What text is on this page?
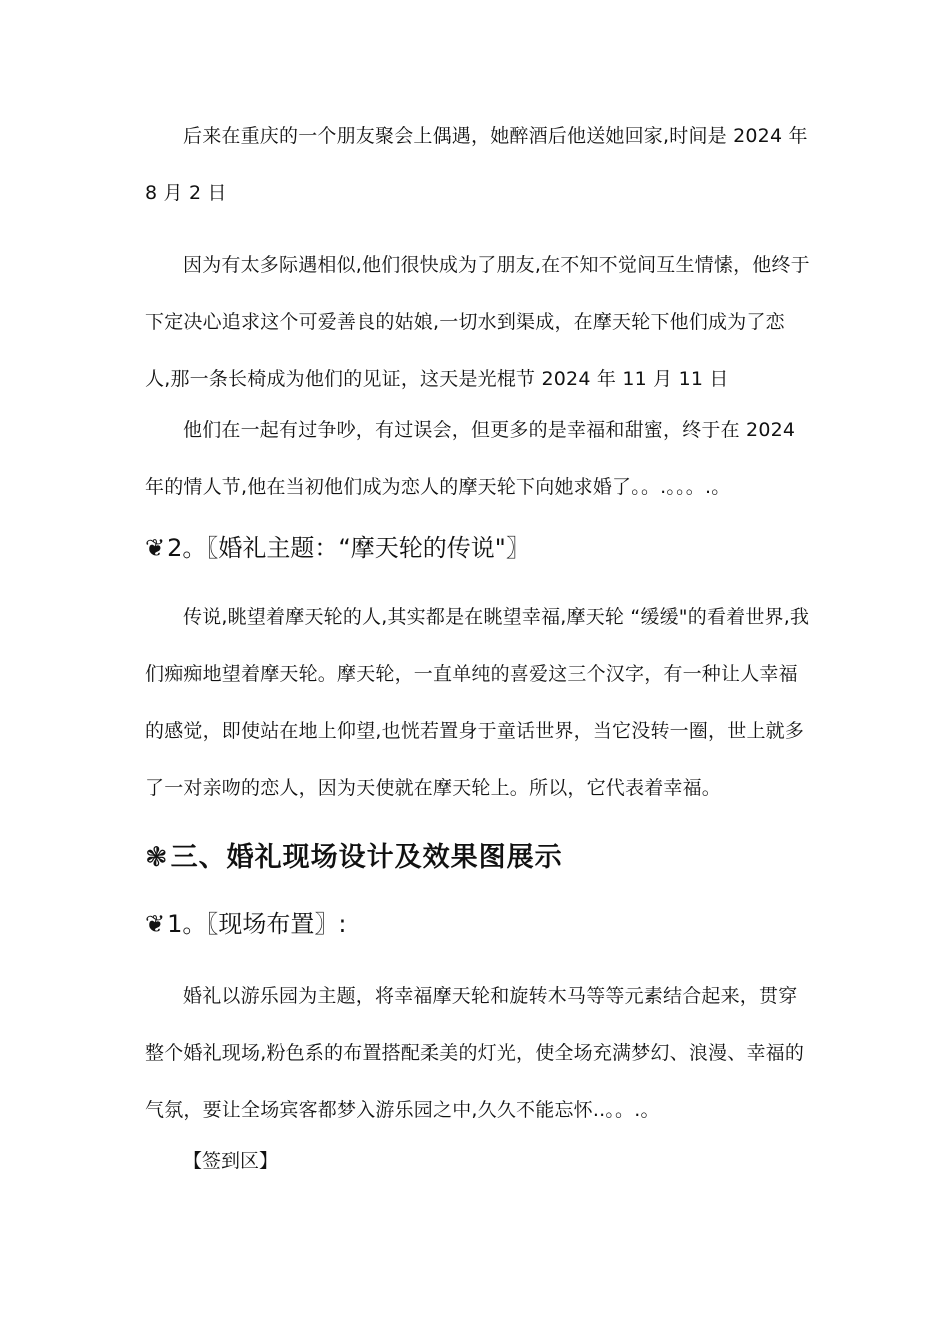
后来在重庆的一个朋友聚会上偶遇，她醉酒后他送她回家,时间是 2024 年 8 月 2 日

因为有太多际遇相似,他们很快成为了朋友,在不知不觉间互生情愫，他终于下定决心追求这个可爱善良的姑娘,一切水到渠成，在摩天轮下他们成为了恋人,那一条长椅成为他们的见证，这天是光棍节 2024 年 11 月 11 日

他们在一起有过争吵，有过误会，但更多的是幸福和甜蜜，终于在 2024 年的情人节,他在当初他们成为恋人的摩天轮下向她求婚了。。.。。。.。

❦2。〖婚礼主题：“摩天轮的传说"〗

传说,眺望着摩天轮的人,其实都是在眺望幸福,摩天轮 “缓缓"的看着世界,我们痴痴地望着摩天轮。摩天轮，一直单纯的喜爱这三个汉字，有一种让人幸福的感觉，即使站在地上仰望,也恍若置身于童话世界，当它没转一圈，世上就多了一对亲吻的恋人，因为天使就在摩天轮上。所以，它代表着幸福。

❃三、婚礼现场设计及效果图展示
❦1。〖现场布置〗:

婚礼以游乐园为主题，将幸福摩天轮和旋转木马等等元素结合起来，贯穿整个婚礼现场,粉色系的布置搭配柔美的灯光，使全场充满梦幻、浪漫、幸福的气氛，要让全场宾客都梦入游乐园之中,久久不能忘怀..。。.。

【签到区】
